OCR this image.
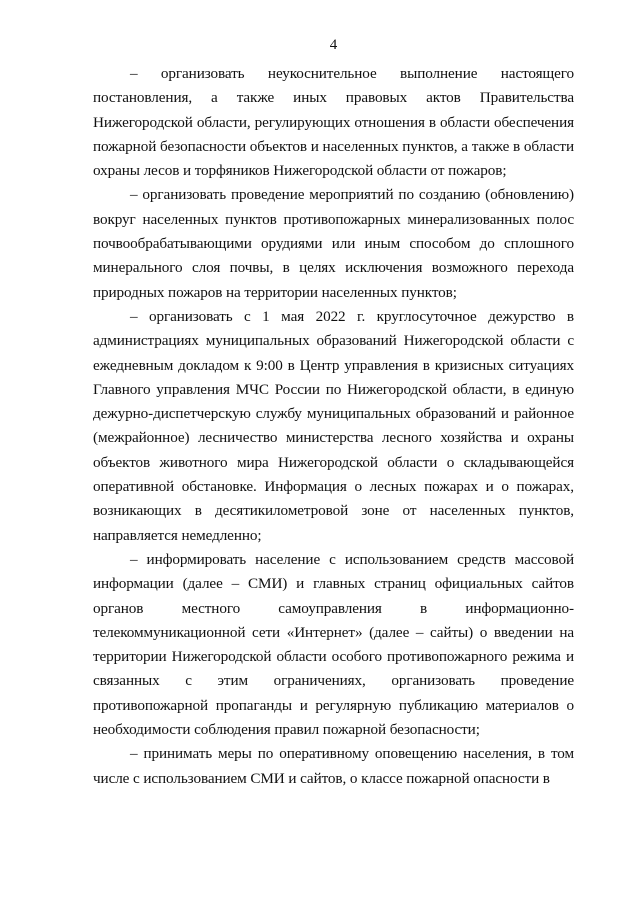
4

– организовать неукоснительное выполнение настоящего постановления, а также иных правовых актов Правительства Нижегородской области, регулирующих отношения в области обеспечения пожарной безопасности объектов и населенных пунктов, а также в области охраны лесов и торфяников Нижегородской области от пожаров;

– организовать проведение мероприятий по созданию (обновлению) вокруг населенных пунктов противопожарных минерализованных полос почвообрабатывающими орудиями или иным способом до сплошного минерального слоя почвы, в целях исключения возможного перехода природных пожаров на территории населенных пунктов;

– организовать с 1 мая 2022 г. круглосуточное дежурство в администрациях муниципальных образований Нижегородской области с ежедневным докладом к 9:00 в Центр управления в кризисных ситуациях Главного управления МЧС России по Нижегородской области, в единую дежурно-диспетчерскую службу муниципальных образований и районное (межрайонное) лесничество министерства лесного хозяйства и охраны объектов животного мира Нижегородской области о складывающейся оперативной обстановке. Информация о лесных пожарах и о пожарах, возникающих в десятикилометровой зоне от населенных пунктов, направляется немедленно;

– информировать население с использованием средств массовой информации (далее – СМИ) и главных страниц официальных сайтов органов местного самоуправления в информационно-телекоммуникационной сети «Интернет» (далее – сайты) о введении на территории Нижегородской области особого противопожарного режима и связанных с этим ограничениях, организовать проведение противопожарной пропаганды и регулярную публикацию материалов о необходимости соблюдения правил пожарной безопасности;

– принимать меры по оперативному оповещению населения, в том числе с использованием СМИ и сайтов, о классе пожарной опасности в
